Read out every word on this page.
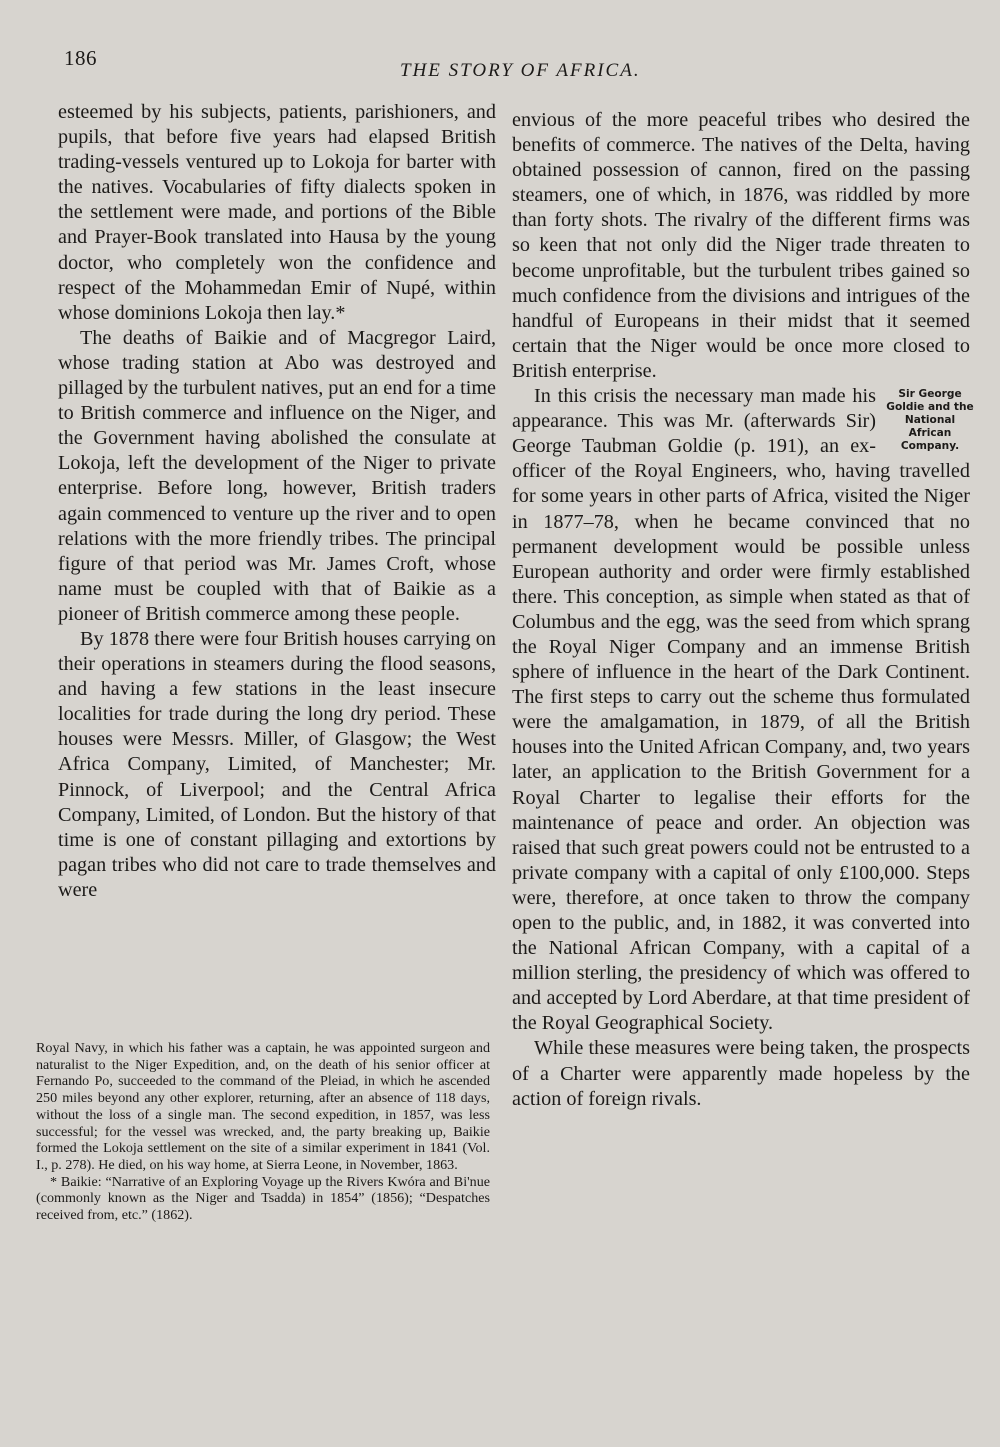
186
THE STORY OF AFRICA.

esteemed by his subjects, patients, parishioners, and pupils, that before five years had elapsed British trading-vessels ventured up to Lokoja for barter with the natives. Vocabularies of fifty dialects spoken in the settlement were made, and portions of the Bible and Prayer-Book translated into Hausa by the young doctor, who completely won the confidence and respect of the Mohammedan Emir of Nupé, within whose dominions Lokoja then lay.*

The deaths of Baikie and of Macgregor Laird, whose trading station at Abo was destroyed and pillaged by the turbulent natives, put an end for a time to British commerce and influence on the Niger, and the Government having abolished the consulate at Lokoja, left the development of the Niger to private enterprise. Before long, however, British traders again commenced to venture up the river and to open relations with the more friendly tribes. The principal figure of that period was Mr. James Croft, whose name must be coupled with that of Baikie as a pioneer of British commerce among these people.

By 1878 there were four British houses carrying on their operations in steamers during the flood seasons, and having a few stations in the least insecure localities for trade during the long dry period. These houses were Messrs. Miller, of Glasgow; the West Africa Company, Limited, of Manchester; Mr. Pinnock, of Liverpool; and the Central Africa Company, Limited, of London. But the history of that time is one of constant pillaging and extortions by pagan tribes who did not care to trade themselves and were

Royal Navy, in which his father was a captain, he was appointed surgeon and naturalist to the Niger Expedition, and, on the death of his senior officer at Fernando Po, succeeded to the command of the Pleiad, in which he ascended 250 miles beyond any other explorer, returning, after an absence of 118 days, without the loss of a single man. The second expedition, in 1857, was less successful; for the vessel was wrecked, and, the party breaking up, Baikie formed the Lokoja settlement on the site of a similar experiment in 1841 (Vol. I., p. 278). He died, on his way home, at Sierra Leone, in November, 1863.

* Baikie: “Narrative of an Exploring Voyage up the Rivers Kwóra and Bi'nue (commonly known as the Niger and Tsadda) in 1854” (1856); “Despatches received from, etc.” (1862).

envious of the more peaceful tribes who desired the benefits of commerce. The natives of the Delta, having obtained possession of cannon, fired on the passing steamers, one of which, in 1876, was riddled by more than forty shots. The rivalry of the different firms was so keen that not only did the Niger trade threaten to become unprofitable, but the turbulent tribes gained so much confidence from the divisions and intrigues of the handful of Europeans in their midst that it seemed certain that the Niger would be once more closed to British enterprise.

Sir George Goldie and the National African Company.

In this crisis the necessary man made his appearance. This was Mr. (afterwards Sir) George Taubman Goldie (p. 191), an ex-officer of the Royal Engineers, who, having travelled for some years in other parts of Africa, visited the Niger in 1877–78, when he became convinced that no permanent development would be possible unless European authority and order were firmly established there. This conception, as simple when stated as that of Columbus and the egg, was the seed from which sprang the Royal Niger Company and an immense British sphere of influence in the heart of the Dark Continent. The first steps to carry out the scheme thus formulated were the amalgamation, in 1879, of all the British houses into the United African Company, and, two years later, an application to the British Government for a Royal Charter to legalise their efforts for the maintenance of peace and order. An objection was raised that such great powers could not be entrusted to a private company with a capital of only £100,000. Steps were, therefore, at once taken to throw the company open to the public, and, in 1882, it was converted into the National African Company, with a capital of a million sterling, the presidency of which was offered to and accepted by Lord Aberdare, at that time president of the Royal Geographical Society.

While these measures were being taken, the prospects of a Charter were apparently made hopeless by the action of foreign rivals.
